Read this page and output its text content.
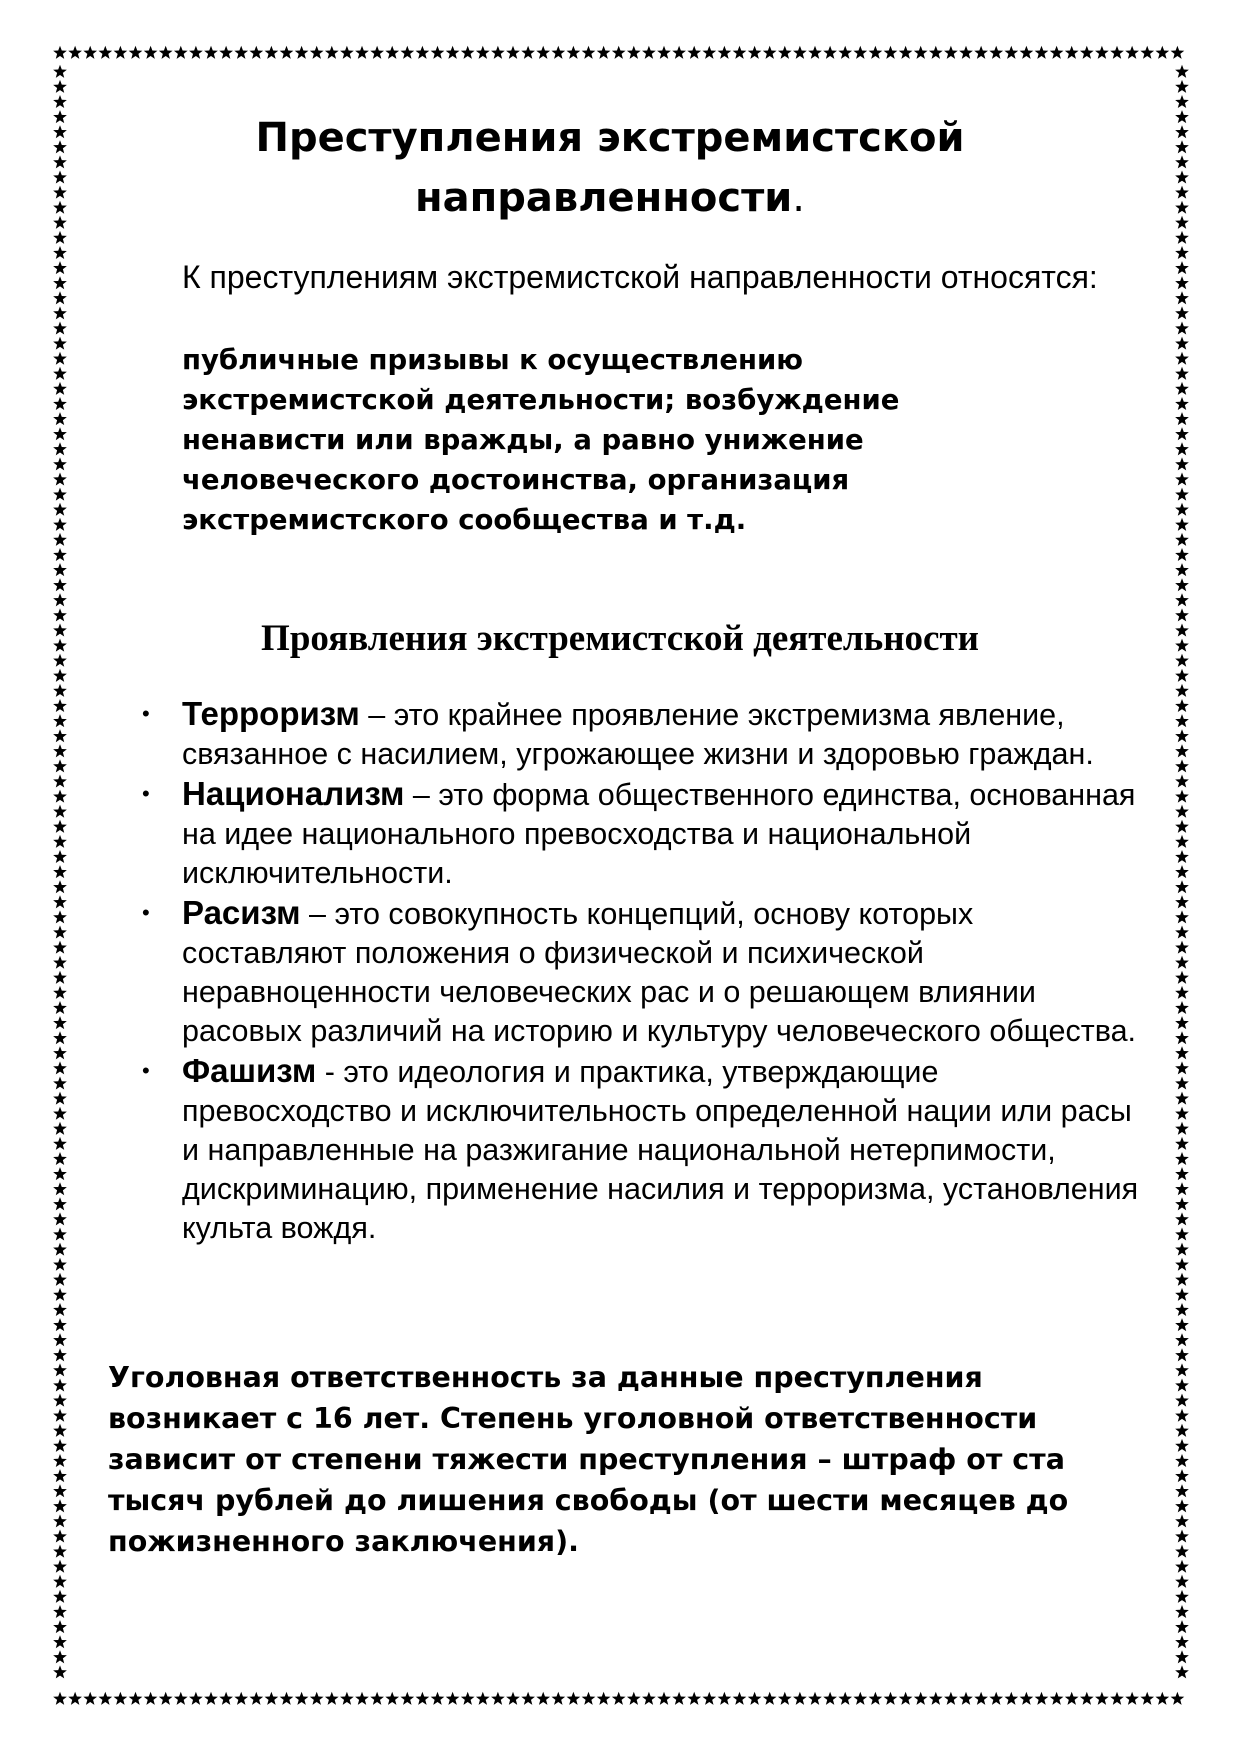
Преступления экстремистской направленности.

К преступлениям экстремистской направленности относятся:

публичные призывы к осуществлению экстремистской деятельности; возбуждение ненависти или вражды, а равно унижение человеческого достоинства, организация экстремистского сообщества и т.д.

Проявления экстремистской деятельности
• Терроризм – это крайнее проявление экстремизма явление, связанное с насилием, угрожающее жизни и здоровью граждан.
• Национализм – это форма общественного единства, основанная на идее национального превосходства и национальной исключительности.
• Расизм – это совокупность концепций, основу которых составляют положения о физической и психической неравноценности человеческих рас и о решающем влиянии расовых различий на историю и культуру человеческого общества.
• Фашизм - это идеология и практика, утверждающие превосходство и исключительность определенной нации или расы и направленные на разжигание национальной нетерпимости, дискриминацию, применение насилия и терроризма, установления культа вождя.

Уголовная ответственность за данные преступления возникает с 16 лет. Степень уголовной ответственности зависит от степени тяжести преступления – штраф от ста тысяч рублей до лишения свободы (от шести месяцев до пожизненного заключения).
